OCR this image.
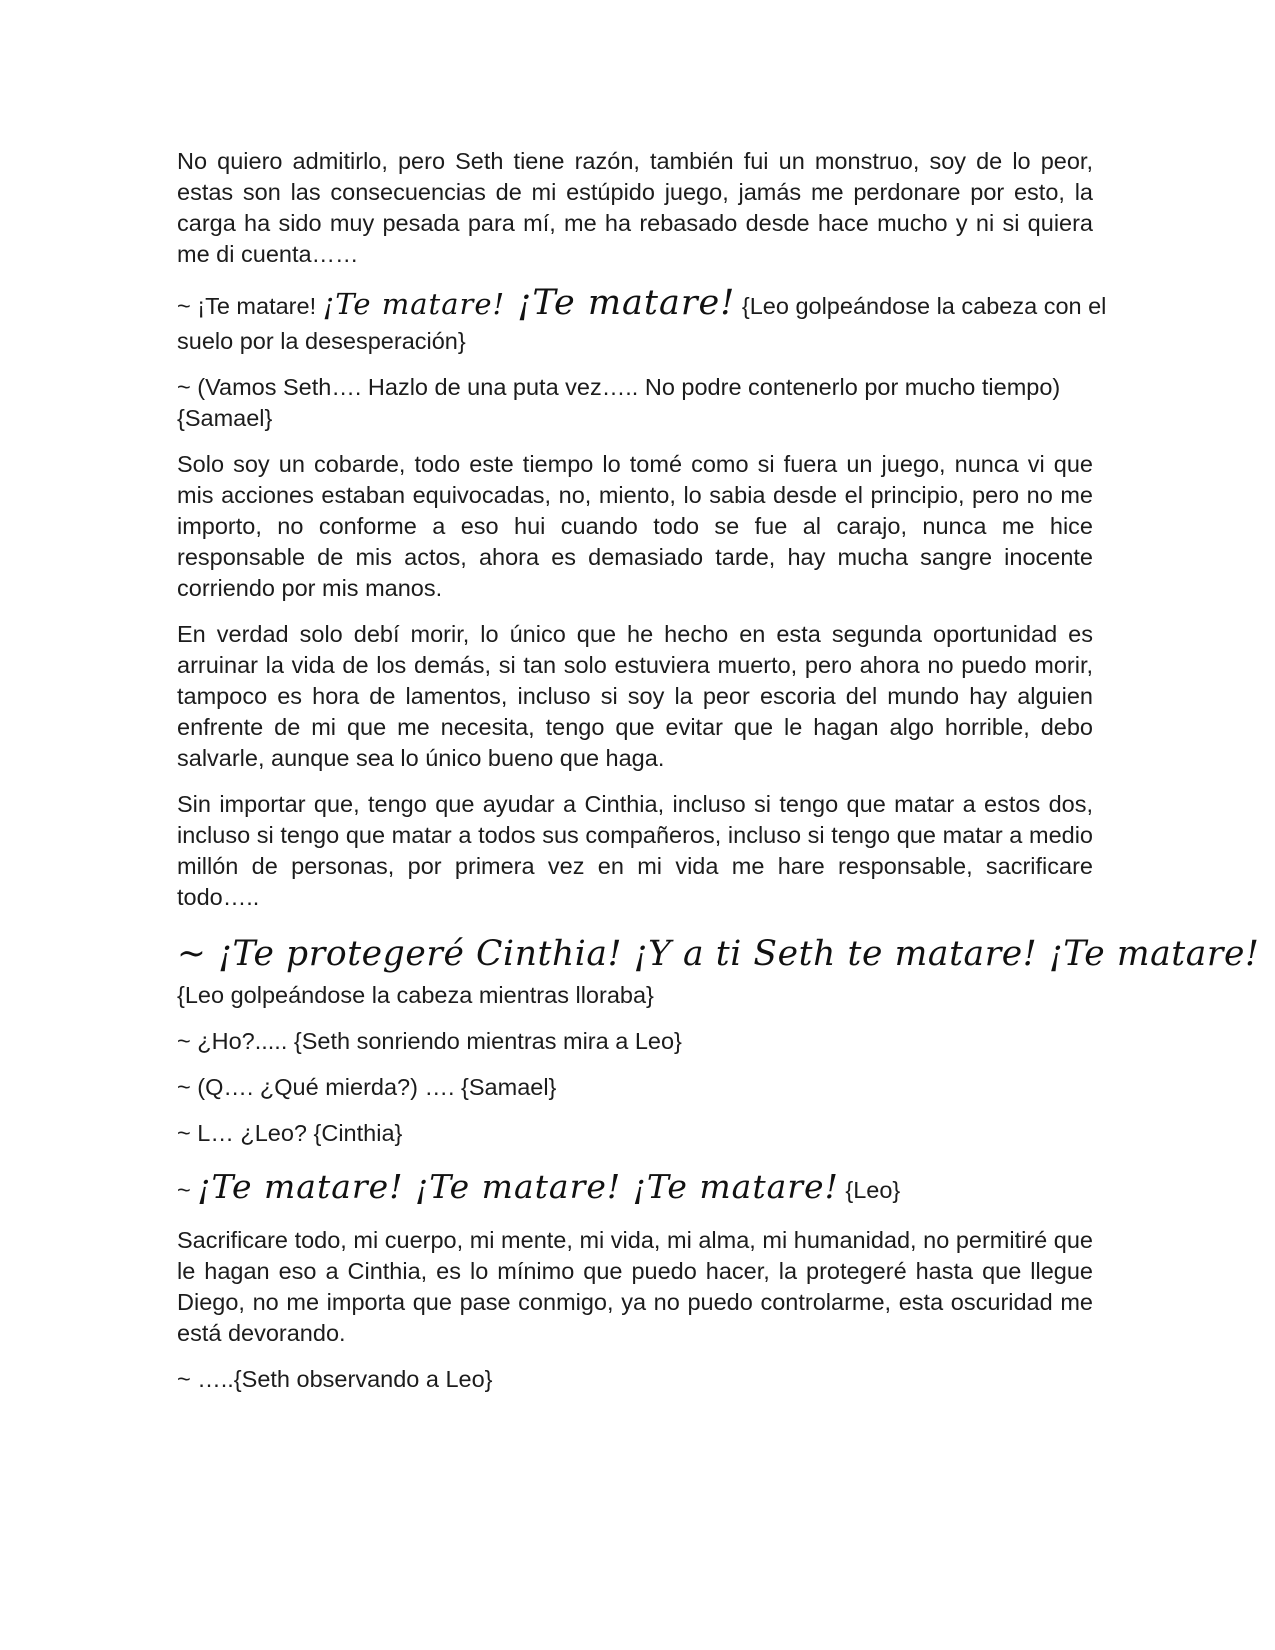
No quiero admitirlo, pero Seth tiene razón, también fui un monstruo, soy de lo peor, estas son las consecuencias de mi estúpido juego, jamás me perdonare por esto, la carga ha sido muy pesada para mí, me ha rebasado desde hace mucho y ni si quiera me di cuenta……

~ ¡Te matare! ¡Te matare! ¡Te matare! {Leo golpeándose la cabeza con el

suelo por la desesperación}

~ (Vamos Seth…. Hazlo de una puta vez….. No podre contenerlo por mucho tiempo) {Samael}

Solo soy un cobarde, todo este tiempo lo tomé como si fuera un juego, nunca vi que mis acciones estaban equivocadas, no, miento, lo sabia desde el principio, pero no me importo, no conforme a eso hui cuando todo se fue al carajo, nunca me hice responsable de mis actos, ahora es demasiado tarde, hay mucha sangre inocente corriendo por mis manos.

En verdad solo debí morir, lo único que he hecho en esta segunda oportunidad es arruinar la vida de los demás, si tan solo estuviera muerto, pero ahora no puedo morir, tampoco es hora de lamentos, incluso si soy la peor escoria del mundo hay alguien enfrente de mi que me necesita, tengo que evitar que le hagan algo horrible, debo salvarle, aunque sea lo único bueno que haga.

Sin importar que, tengo que ayudar a Cinthia, incluso si tengo que matar a estos dos, incluso si tengo que matar a todos sus compañeros, incluso si tengo que matar a medio millón de personas, por primera vez en mi vida me hare responsable, sacrificare todo…..

~ ¡Te protegeré Cinthia! ¡Y a ti Seth te matare! ¡Te matare!

{Leo golpeándose la cabeza mientras lloraba}

~ ¿Ho?..... {Seth sonriendo mientras mira a Leo}

~ (Q…. ¿Qué mierda?) …. {Samael}

~ L… ¿Leo? {Cinthia}

~ ¡Te matare! ¡Te matare! ¡Te matare! {Leo}

Sacrificare todo, mi cuerpo, mi mente, mi vida, mi alma, mi humanidad, no permitiré que le hagan eso a Cinthia, es lo mínimo que puedo hacer, la protegeré hasta que llegue Diego, no me importa que pase conmigo, ya no puedo controlarme, esta oscuridad me está devorando.

~ …..{Seth observando a Leo}
